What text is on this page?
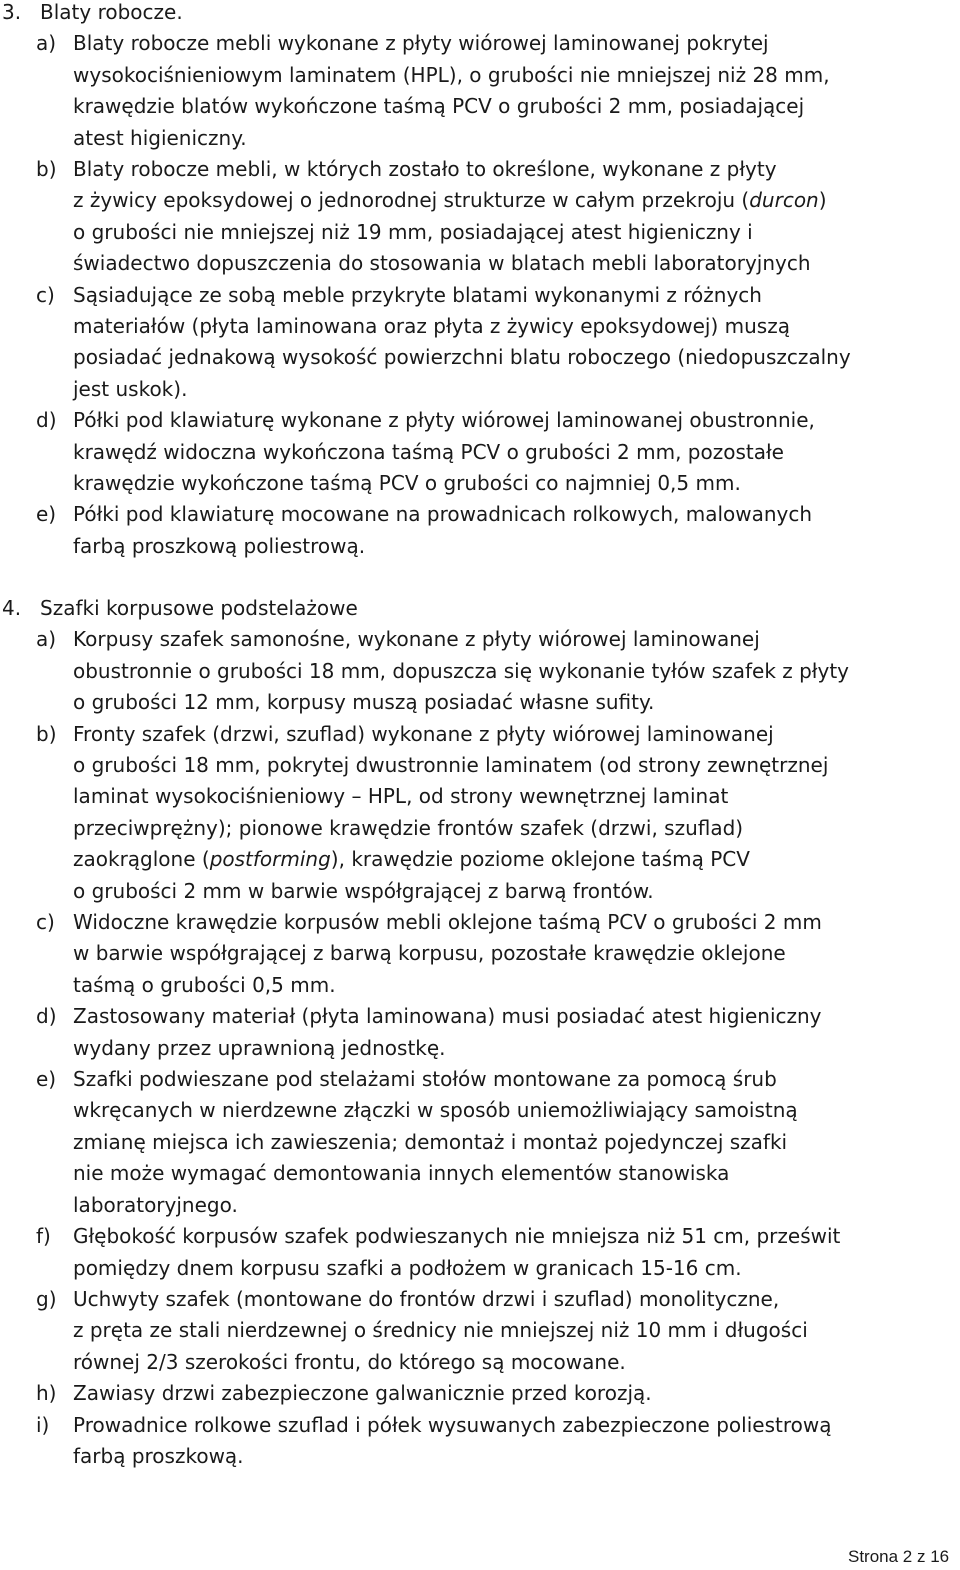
3. Blaty robocze.
a) Blaty robocze mebli wykonane z płyty wiórowej laminowanej pokrytej
wysokociśnieniowym laminatem (HPL), o grubości nie mniejszej niż 28 mm,
krawędzie blatów wykończone taśmą PCV o grubości 2 mm, posiadającej
atest higieniczny.
b) Blaty robocze mebli, w których zostało to określone, wykonane z płyty
z żywicy epoksydowej o jednorodnej strukturze w całym przekroju (durcon)
o grubości nie mniejszej niż 19 mm, posiadającej atest higieniczny i
świadectwo dopuszczenia do stosowania w blatach mebli laboratoryjnych
c) Sąsiadujące ze sobą meble przykryte blatami wykonanymi z różnych
materiałów (płyta laminowana oraz płyta z żywicy epoksydowej) muszą
posiadać jednakową wysokość powierzchni blatu roboczego (niedopuszczalny
jest uskok).
d) Półki pod klawiaturę wykonane z płyty wiórowej laminowanej obustronnie,
krawędź widoczna wykończona taśmą PCV o grubości 2 mm, pozostałe
krawędzie wykończone taśmą PCV o grubości co najmniej 0,5 mm.
e) Półki pod klawiaturę mocowane na prowadnicach rolkowych, malowanych
farbą proszkową poliestrową.
4. Szafki korpusowe podstelażowe
a) Korpusy szafek samonośne, wykonane z płyty wiórowej laminowanej
obustronnie o grubości 18 mm, dopuszcza się wykonanie tyłów szafek z płyty
o grubości 12 mm, korpusy muszą posiadać własne sufity.
b) Fronty szafek (drzwi, szuflad) wykonane z płyty wiórowej laminowanej
o grubości 18 mm, pokrytej dwustronnie laminatem (od strony zewnętrznej
laminat wysokociśnieniowy – HPL, od strony wewnętrznej laminat
przeciwprężny); pionowe krawędzie frontów szafek (drzwi, szuflad)
zaokrąglone (postforming), krawędzie poziome oklejone taśmą PCV
o grubości 2 mm w barwie współgrającej z barwą frontów.
c) Widoczne krawędzie korpusów mebli oklejone taśmą PCV o grubości 2 mm
w barwie współgrającej z barwą korpusu, pozostałe krawędzie oklejone
taśmą o grubości 0,5 mm.
d) Zastosowany materiał (płyta laminowana) musi posiadać atest higieniczny
wydany przez uprawnioną jednostkę.
e) Szafki podwieszane pod stelażami stołów montowane za pomocą śrub
wkręcanych w nierdzewne złączki w sposób uniemożliwiający samoistną
zmianę miejsca ich zawieszenia; demontaż i montaż pojedynczej szafki
nie może wymagać demontowania innych elementów stanowiska
laboratoryjnego.
f) Głębokość korpusów szafek podwieszanych nie mniejsza niż 51 cm, prześwit
pomiędzy dnem korpusu szafki a podłożem w granicach 15-16 cm.
g) Uchwyty szafek (montowane do frontów drzwi i szuflad) monolityczne,
z pręta ze stali nierdzewnej o średnicy nie mniejszej niż 10 mm i długości
równej 2/3 szerokości frontu, do którego są mocowane.
h) Zawiasy drzwi zabezpieczone galwanicznie przed korozją.
i) Prowadnice rolkowe szuflad i półek wysuwanych zabezpieczone poliestrową
farbą proszkową.
Strona 2 z 16
